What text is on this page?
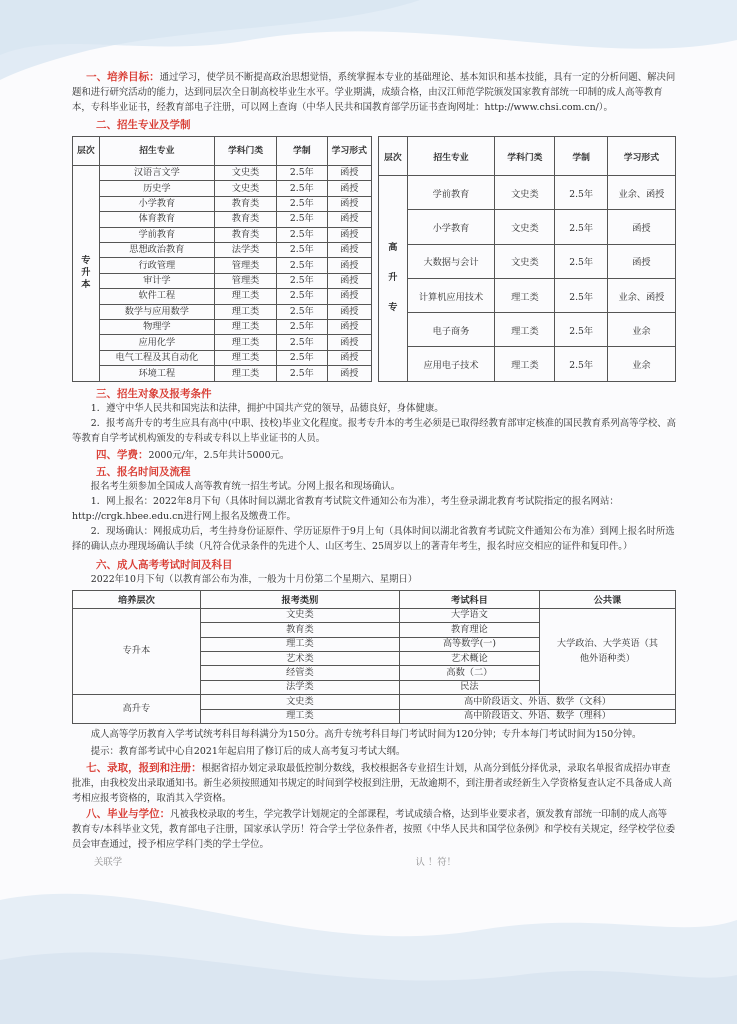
一、培养目标：通过学习，使学员不断提高政治思想觉悟，系统掌握本专业的基础理论、基本知识和基本技能，具有一定的分析问题、解决问题和进行研究活动的能力，达到同层次全日制高校毕业生水平。学业期满，成绩合格，由汉江师范学院颁发国家教育部统一印制的成人高等教育本，专科毕业证书，经教育部电子注册，可以网上查询（中华人民共和国教育部学历证书查询网址：http://www.chsi.com.cn/）。

二、招生专业及学制
层次	招生专业	学科门类	学制	学习形式

专
升
本	汉语言文学	文史类	2.5年	函授
	历史学	文史类	2.5年	函授
	小学教育	教育类	2.5年	函授
	体育教育	教育类	2.5年	函授
	学前教育	教育类	2.5年	函授
	思想政治教育	法学类	2.5年	函授
	行政管理	管理类	2.5年	函授
	审计学	管理类	2.5年	函授
	软件工程	理工类	2.5年	函授
	数学与应用数学	理工类	2.5年	函授
	物理学	理工类	2.5年	函授
	应用化学	理工类	2.5年	函授
	电气工程及其自动化	理工类	2.5年	函授
	环境工程	理工类	2.5年	函授
层次	招生专业	学科门类	学制	学习形式

高
升
专	学前教育	文史类	2.5年	业余、函授
	小学教育	文史类	2.5年	函授
	大数据与会计	文史类	2.5年	函授
	计算机应用技术	理工类	2.5年	业余、函授
	电子商务	理工类	2.5年	业余
	应用电子技术	理工类	2.5年	业余
三、招生对象及报考条件

1．遵守中华人民共和国宪法和法律，拥护中国共产党的领导，品德良好，身体健康。

2．报考高升专的考生应具有高中(中职、技校)毕业文化程度。报考专升本的考生必须是已取得经教育部审定核准的国民教育系列高等学校、高等教育自学考试机构颁发的专科或专科以上毕业证书的人员。

四、学费：2000元/年，2.5年共计5000元。

五、报名时间及流程

报名考生须参加全国成人高等教育统一招生考试。分网上报名和现场确认。

1．网上报名：2022年8月下旬（具体时间以湖北省教育考试院文件通知公布为准），考生登录湖北教育考试院指定的报名网站：http://crgk.hbee.edu.cn进行网上报名及缴费工作。

2．现场确认：网报成功后，考生持身份证原件、学历证原件于9月上旬（具体时间以湖北省教育考试院文件通知公布为准）到网上报名时所选择的确认点办理现场确认手续（凡符合优录条件的先进个人、山区考生、25周岁以上的著青年考生，报名时应交相应的证件和复印件。）

六、成人高考考试时间及科目

2022年10月下旬（以教育部公布为准，一般为十月份第二个星期六、星期日）

培养层次	报考类别	考试科目	公共课
专升本	文史类	大学语文	大学政治、大学英语（其他外语种类）
	教育类	教育理论	
	理工类	高等数学(一)	
	艺术类	艺术概论	
	经管类	高数（二）	
	法学类	民法	
高升专	文史类	高中阶段语文、外语、数学（文科）	
	理工类	高中阶段语文、外语、数学（理科）	

成人高等学历教育入学考试统考科目每科满分为150分。高升专统考科目每门考试时间为120分钟；专升本每门考试时间为150分钟。

提示：教育部考试中心自2021年起启用了修订后的成人高考复习考试大纲。

七、录取，报到和注册：根据省招办划定录取最低控制分数线，我校根据各专业招生计划，从高分到低分择优录，录取名单报省成招办审查批准，由我校发出录取通知书。新生必须按照通知书规定的时间到学校报到注册，无故逾期不，到注册者或经新生入学资格复查认定不具备成人高考相应报考资格的，取消其入学资格。

八、毕业与学位：凡被我校录取的考生，学完教学计划规定的全部课程，考试成绩合格，达到毕业要求者，颁发教育部统一印制的成人高等教育专/本科毕业文凭，教育部电子注册，国家承认学历！符合学士学位条件者，按照《中华人民共和国学位条例》和学校有关规定，经学校学位委员会审查通过，授予相应学科门类的学士学位。

关联学	认 ！符！
